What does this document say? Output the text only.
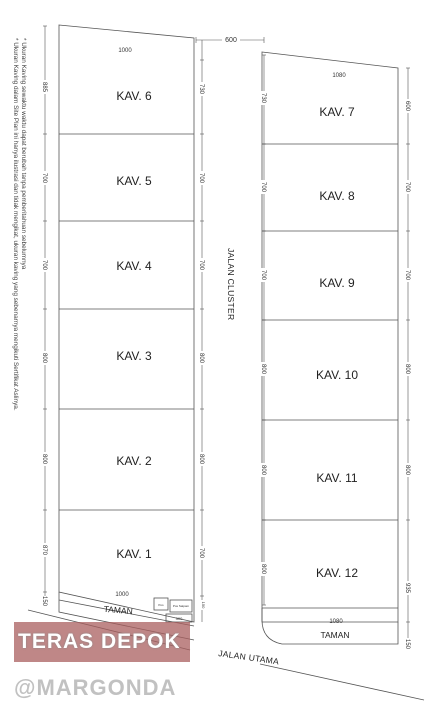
* Ukuran Kaving dalam Site Plan ini hanya ilustrasi dan tidak mengikat, ukuran kaving yang sebenarnya mengikuti Sertifikat Aslinya. * Ukuran Kaving sewaktu waktu dapat berubah tanpa pemberitahuan sebelumnya	KAV. 6
KAV. 5
KAV. 4
KAV. 3
KAV. 2
KAV. 1
1000
1000
TAMAN	Pos	Pos Satpam
300
885
700
700
800
800
870
150
730
700
700
800
800
700
150
600
JALAN CLUSTER
KAV. 7
KAV. 8
KAV. 9
KAV. 10
KAV. 11
KAV. 12
1080
1080
TAMAN
730
700
700
800
800
800
600
700
700
800
800
935
150
JALAN UTAMA
TERAS DEPOK
@MARGONDA
